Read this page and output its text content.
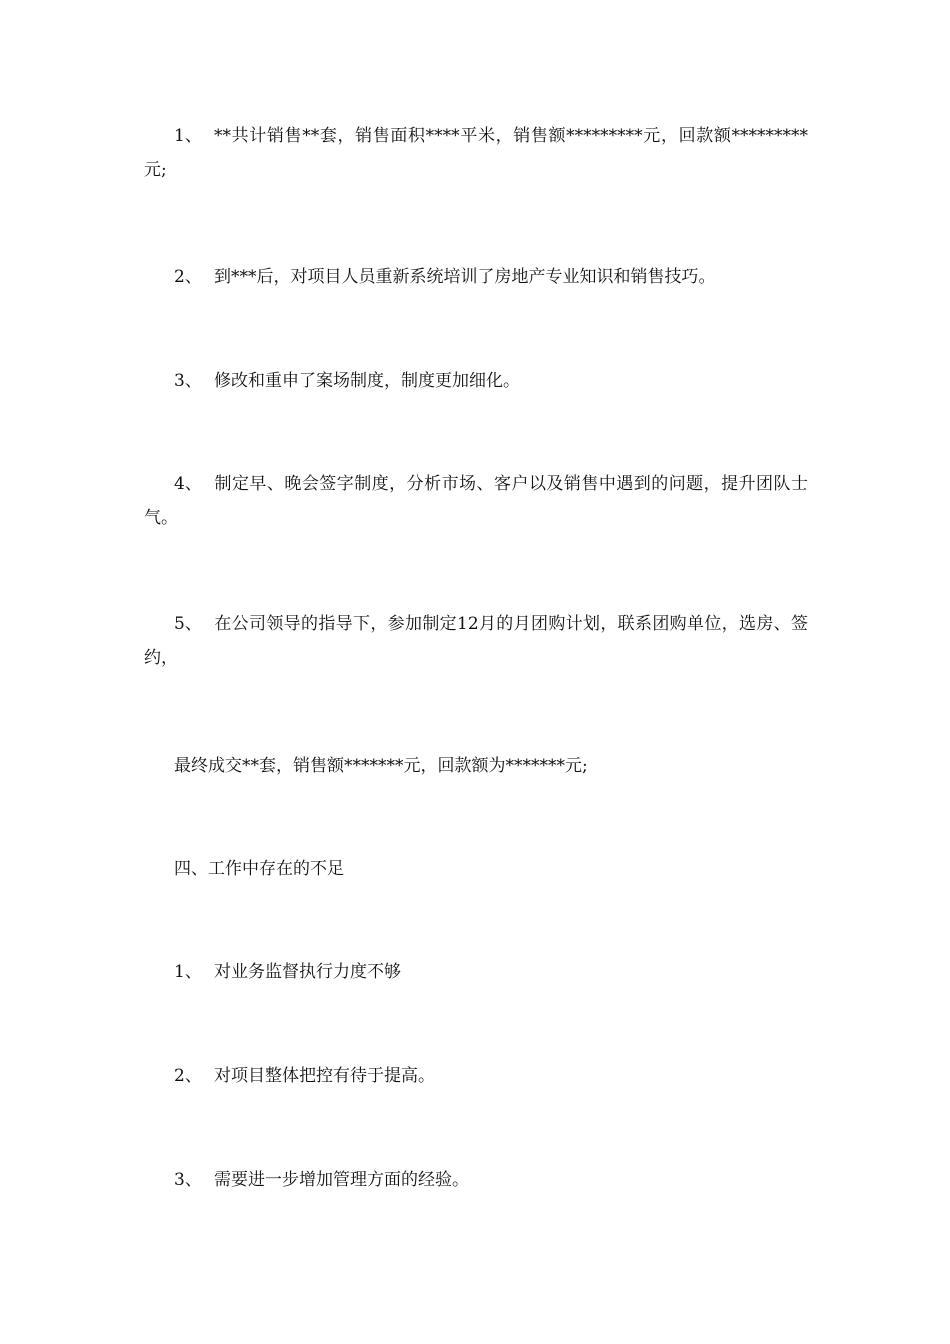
1、 **共计销售**套，销售面积****平米，销售额*********元，回款额*********元;

2、 到***后，对项目人员重新系统培训了房地产专业知识和销售技巧。

3、 修改和重申了案场制度，制度更加细化。

4、 制定早、晚会签字制度，分析市场、客户以及销售中遇到的问题，提升团队士气。

5、 在公司领导的指导下，参加制定12月的月团购计划，联系团购单位，选房、签约，

最终成交**套，销售额*******元，回款额为*******元;

四、工作中存在的不足

1、 对业务监督执行力度不够

2、 对项目整体把控有待于提高。

3、 需要进一步增加管理方面的经验。
